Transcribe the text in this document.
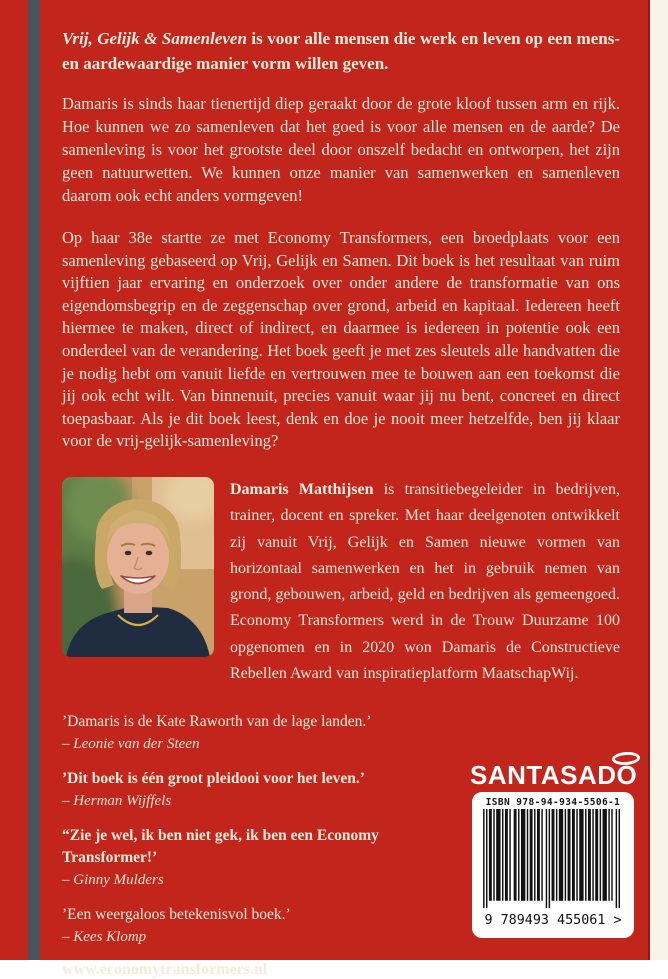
Vrij, Gelijk & Samenleven is voor alle mensen die werk en leven op een mens- en aardewaardige manier vorm willen geven.

Damaris is sinds haar tienertijd diep geraakt door de grote kloof tussen arm en rijk. Hoe kunnen we zo samenleven dat het goed is voor alle mensen en de aarde? De samenleving is voor het grootste deel door onszelf bedacht en ontworpen, het zijn geen natuurwetten. We kunnen onze manier van samenwerken en samenleven daarom ook echt anders vormgeven!

Op haar 38e startte ze met Economy Transformers, een broedplaats voor een samenleving gebaseerd op Vrij, Gelijk en Samen. Dit boek is het resultaat van ruim vijftien jaar ervaring en onderzoek over onder andere de transformatie van ons eigendomsbegrip en de zeggenschap over grond, arbeid en kapitaal. Iedereen heeft hiermee te maken, direct of indirect, en daarmee is iedereen in potentie ook een onderdeel van de verandering. Het boek geeft je met zes sleutels alle handvatten die je nodig hebt om vanuit liefde en vertrouwen mee te bouwen aan een toekomst die jij ook echt wilt. Van binnenuit, precies vanuit waar jij nu bent, concreet en direct toepasbaar. Als je dit boek leest, denk en doe je nooit meer hetzelfde, ben jij klaar voor de vrij-gelijk-samenleving?

Damaris Matthijsen is transitiebegeleider in bedrijven, trainer, docent en spreker. Met haar deelgenoten ontwikkelt zij vanuit Vrij, Gelijk en Samen nieuwe vormen van horizontaal samenwerken en het in gebruik nemen van grond, gebouwen, arbeid, geld en bedrijven als gemeengoed. Economy Transformers werd in de Trouw Duurzame 100 opgenomen en in 2020 won Damaris de Constructieve Rebellen Award van inspiratieplatform MaatschapWij.
’Damaris is de Kate Raworth van de lage landen.’
– Leonie van der Steen
’Dit boek is één groot pleidooi voor het leven.’
– Herman Wijffels
“Zie je wel, ik ben niet gek, ik ben een Economy Transformer!’
– Ginny Mulders
’Een weergaloos betekenisvol boek.’
– Kees Klomp
www.economytransformers.nl
SANTASADO
ISBN 978-94-934-5506-1
9 789493 455061 >
